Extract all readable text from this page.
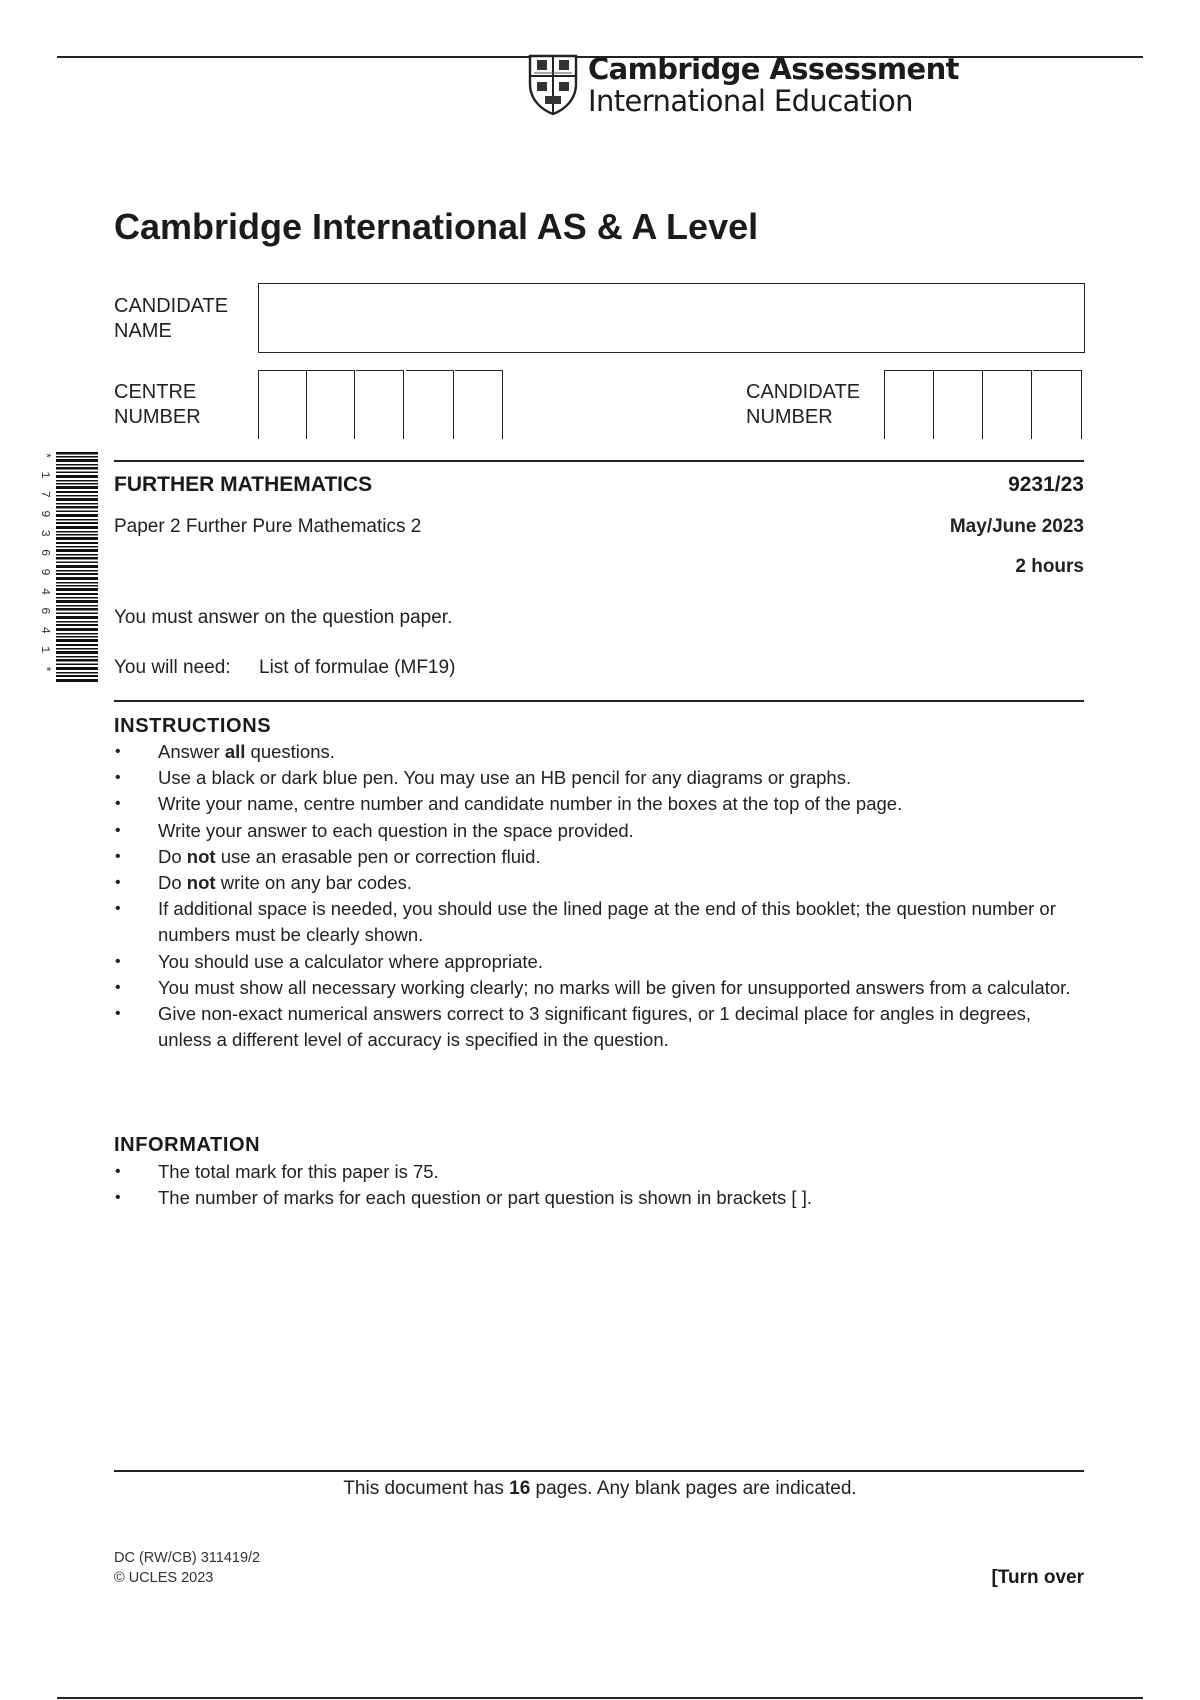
Cambridge Assessment
International Education
Cambridge International AS & A Level
CANDIDATE
NAME
CENTRE
NUMBER
CANDIDATE
NUMBER
* 1 7 9 3 6 9 4 6 4 1 *	FURTHER MATHEMATICS	9231/23
Paper 2 Further Pure Mathematics 2	May/June 2023
2 hours
You must answer on the question paper.
You will need: List of formulae (MF19)
INSTRUCTIONS
• Answer all questions.
• Use a black or dark blue pen. You may use an HB pencil for any diagrams or graphs.
• Write your name, centre number and candidate number in the boxes at the top of the page.
• Write your answer to each question in the space provided.
• Do not use an erasable pen or correction fluid.
• Do not write on any bar codes.
• If additional space is needed, you should use the lined page at the end of this booklet; the question number or numbers must be clearly shown.
• You should use a calculator where appropriate.
• You must show all necessary working clearly; no marks will be given for unsupported answers from a calculator.
• Give non-exact numerical answers correct to 3 significant figures, or 1 decimal place for angles in degrees, unless a different level of accuracy is specified in the question.
INFORMATION
• The total mark for this paper is 75.
• The number of marks for each question or part question is shown in brackets [ ].
This document has 16 pages. Any blank pages are indicated.
DC (RW/CB) 311419/2
© UCLES 2023	[Turn over
